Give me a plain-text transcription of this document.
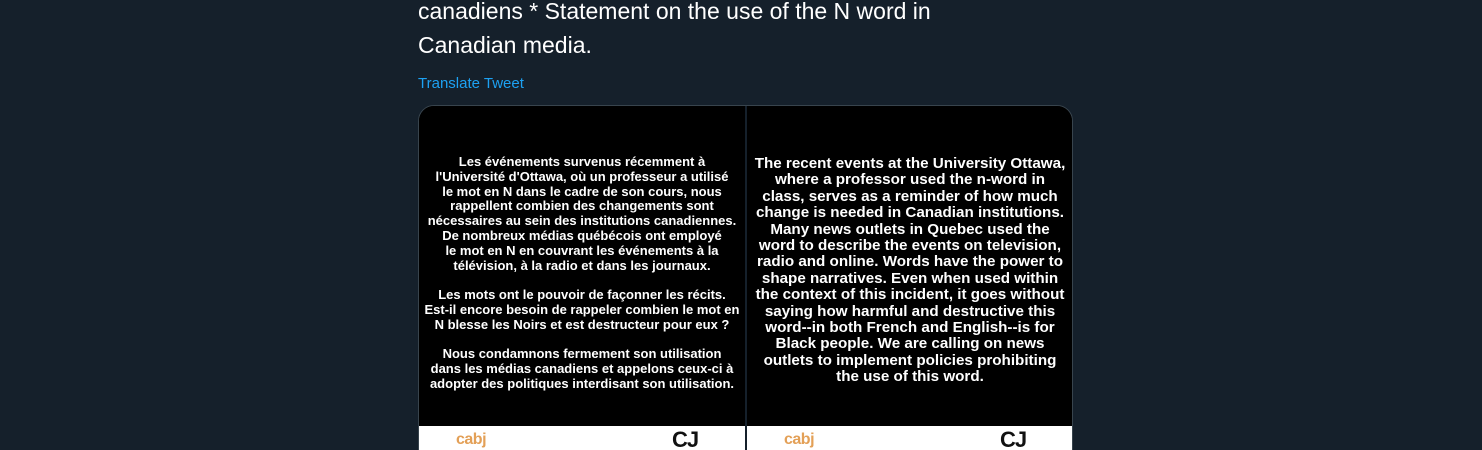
canadiens * Statement on the use of the N word in
Canadian media.

Translate Tweet
Les événements survenus récemment à
l'Université d'Ottawa, où un professeur a utilisé
le mot en N dans le cadre de son cours, nous
rappellent combien des changements sont
nécessaires au sein des institutions canadiennes.
De nombreux médias québécois ont employé
le mot en N en couvrant les événements à la
télévision, à la radio et dans les journaux.
Les mots ont le pouvoir de façonner les récits.
Est-il encore besoin de rappeler combien le mot en
N blesse les Noirs et est destructeur pour eux ?
Nous condamnons fermement son utilisation
dans les médias canadiens et appelons ceux-ci à
adopter des politiques interdisant son utilisation.
cabj	CJ
The recent events at the University Ottawa,
where a professor used the n-word in
class, serves as a reminder of how much
change is needed in Canadian institutions.
Many news outlets in Quebec used the
word to describe the events on television,
radio and online. Words have the power to
shape narratives. Even when used within
the context of this incident, it goes without
saying how harmful and destructive this
word--in both French and English--is for
Black people. We are calling on news
outlets to implement policies prohibiting
the use of this word.
cabj	CJ
